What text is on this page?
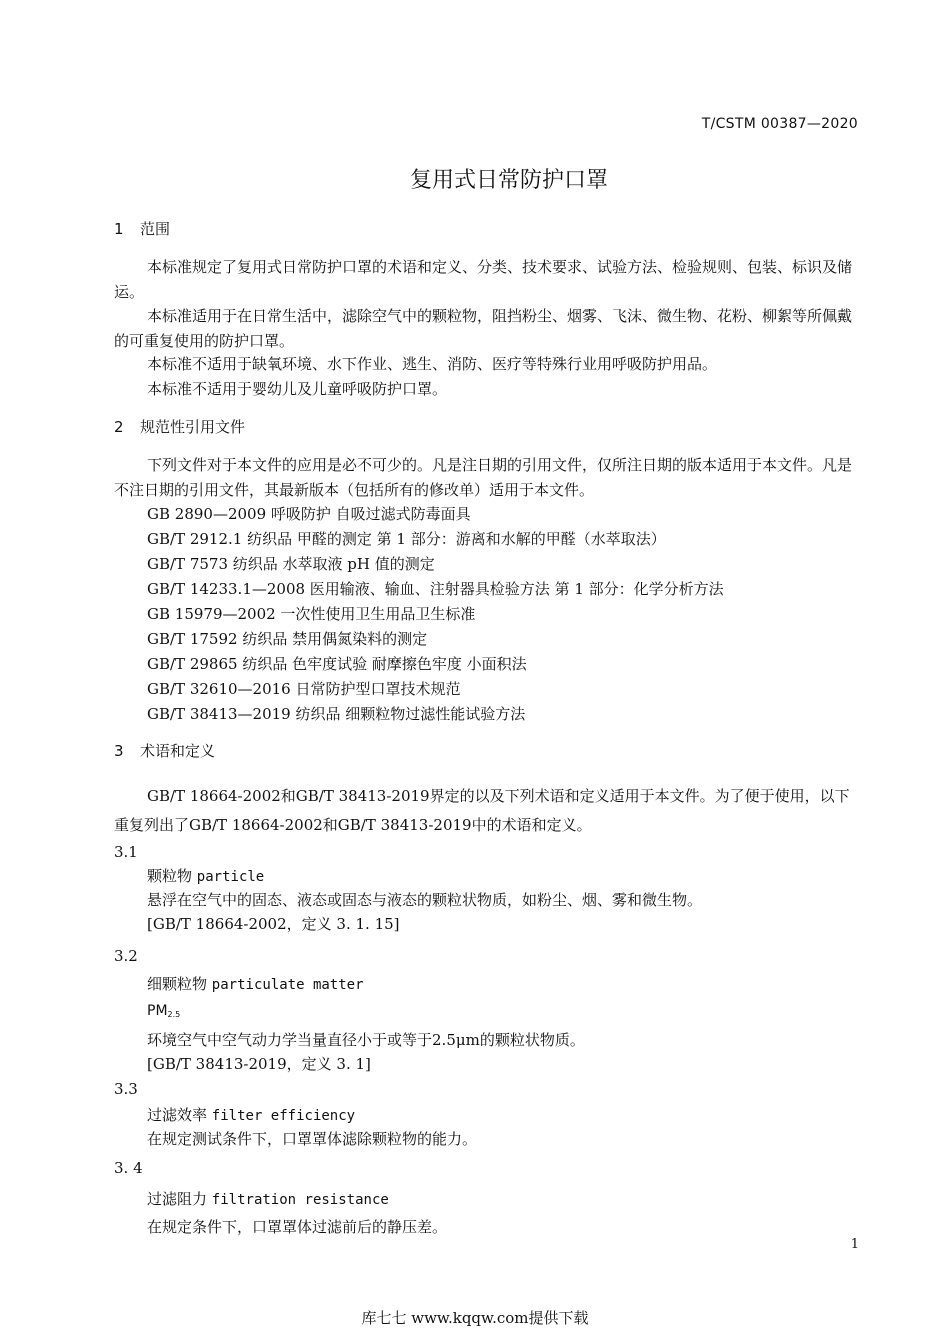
T/CSTM 00387—2020
复用式日常防护口罩
1 范围
本标准规定了复用式日常防护口罩的术语和定义、分类、技术要求、试验方法、检验规则、包装、标识及储运。
本标准适用于在日常生活中，滤除空气中的颗粒物，阻挡粉尘、烟雾、飞沫、微生物、花粉、柳絮等所佩戴的可重复使用的防护口罩。
本标准不适用于缺氧环境、水下作业、逃生、消防、医疗等特殊行业用呼吸防护用品。
本标准不适用于婴幼儿及儿童呼吸防护口罩。
2 规范性引用文件
下列文件对于本文件的应用是必不可少的。凡是注日期的引用文件，仅所注日期的版本适用于本文件。凡是不注日期的引用文件，其最新版本（包括所有的修改单）适用于本文件。
GB 2890—2009 呼吸防护 自吸过滤式防毒面具
GB/T 2912.1 纺织品 甲醛的测定 第 1 部分：游离和水解的甲醛（水萃取法）
GB/T 7573 纺织品 水萃取液 pH 值的测定
GB/T 14233.1—2008 医用输液、输血、注射器具检验方法 第 1 部分：化学分析方法
GB 15979—2002 一次性使用卫生用品卫生标准
GB/T 17592 纺织品 禁用偶氮染料的测定
GB/T 29865 纺织品 色牢度试验 耐摩擦色牢度 小面积法
GB/T 32610—2016 日常防护型口罩技术规范
GB/T 38413—2019 纺织品 细颗粒物过滤性能试验方法
3 术语和定义
GB/T 18664-2002和GB/T 38413-2019界定的以及下列术语和定义适用于本文件。为了便于使用，以下重复列出了GB/T 18664-2002和GB/T 38413-2019中的术语和定义。
3.1
颗粒物 particle
悬浮在空气中的固态、液态或固态与液态的颗粒状物质，如粉尘、烟、雾和微生物。
[GB/T 18664-2002，定义 3. 1. 15]
3.2
细颗粒物 particulate matter
$PM_{2.5}$
环境空气中空气动力学当量直径小于或等于2.5μm的颗粒状物质。
[GB/T 38413-2019，定义 3. 1]
3.3
过滤效率 filter efficiency
在规定测试条件下，口罩罩体滤除颗粒物的能力。
3. 4
过滤阻力 filtration resistance
在规定条件下，口罩罩体过滤前后的静压差。
1
库七七 www.kqqw.com提供下载
